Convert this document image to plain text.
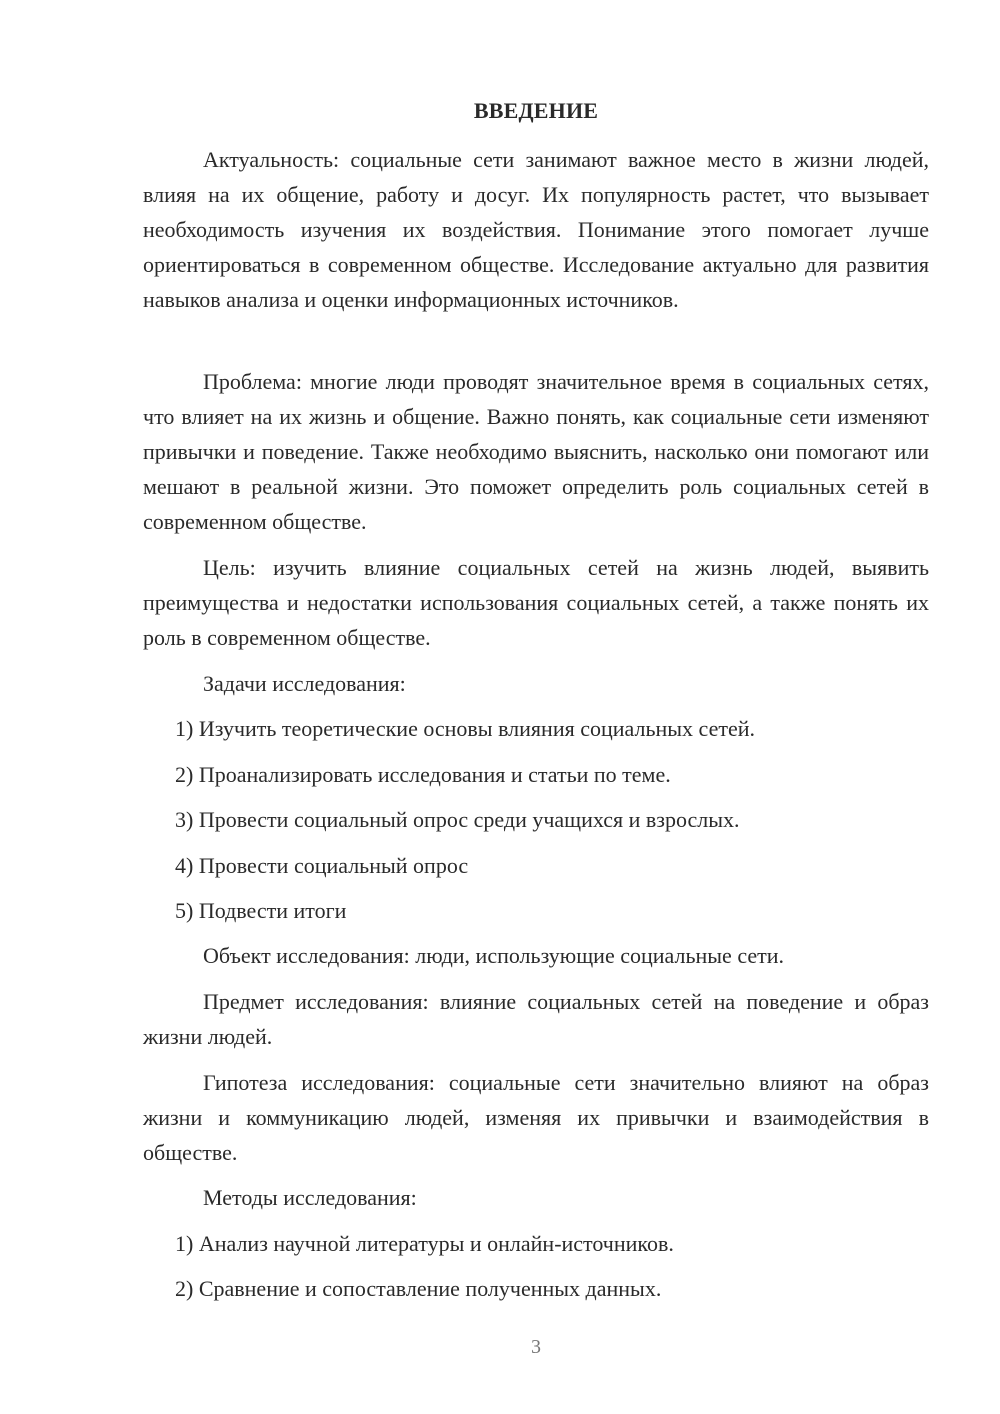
ВВЕДЕНИЕ

Актуальность: социальные сети занимают важное место в жизни людей, влияя на их общение, работу и досуг. Их популярность растет, что вызывает необходимость изучения их воздействия. Понимание этого помогает лучше ориентироваться в современном обществе. Исследование актуально для развития навыков анализа и оценки информационных источников.

Проблема: многие люди проводят значительное время в социальных сетях, что влияет на их жизнь и общение. Важно понять, как социальные сети изменяют привычки и поведение. Также необходимо выяснить, насколько они помогают или мешают в реальной жизни. Это поможет определить роль социальных сетей в современном обществе.

Цель: изучить влияние социальных сетей на жизнь людей, выявить преимущества и недостатки использования социальных сетей, а также понять их роль в современном обществе.

Задачи исследования:
1) Изучить теоретические основы влияния социальных сетей.
2) Проанализировать исследования и статьи по теме.
3) Провести социальный опрос среди учащихся и взрослых.
4) Провести социальный опрос
5) Подвести итоги
Объект исследования: люди, использующие социальные сети.

Предмет исследования: влияние социальных сетей на поведение и образ жизни людей.

Гипотеза исследования: социальные сети значительно влияют на образ жизни и коммуникацию людей, изменяя их привычки и взаимодействия в обществе.

Методы исследования:
1) Анализ научной литературы и онлайн-источников.
2) Сравнение и сопоставление полученных данных.
3
